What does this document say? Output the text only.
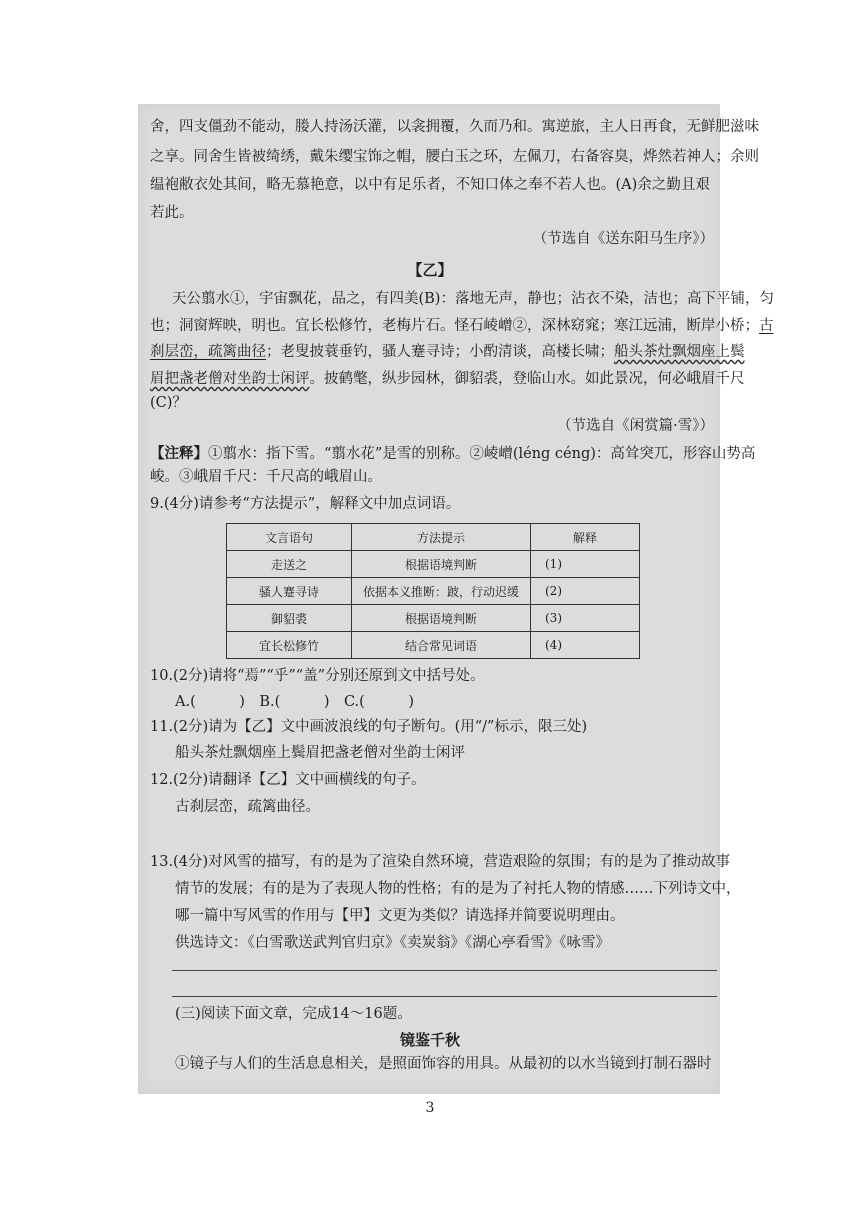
舍，四支僵劲不能动，媵人持汤沃灌，以衾拥覆，久而乃和。寓逆旅，主人日再食，无鲜肥滋味
之享。同舍生皆被绮绣，戴朱缨宝饰之帽，腰白玉之环，左佩刀，右备容臭，烨然若神人；余则
缊袍敝衣处其间，略无慕艳意，以中有足乐者，不知口体之奉不若人也。(A)余之勤且艰
若此。
（节选自《送东阳马生序》）
【乙】
天公翦水①，宇宙飘花，品之，有四美(B)：落地无声，静也；沾衣不染，洁也；高下平铺，匀
也；洞窗辉映，明也。宜长松修竹，老梅片石。怪石崚嶒②，深林窈窕；寒江远浦，断岸小桥；古
刹层峦，疏篱曲径；老叟披蓑垂钓，骚人蹇寻诗；小酌清谈，高楼长啸；船头茶灶飘烟座上鬓
眉把盏老僧对坐韵士闲评。披鹤氅，纵步园林，御貂裘，登临山水。如此景况，何必峨眉千尺
(C)？
（节选自《闲赏篇·雪》）
【注释】①翦水：指下雪。“翦水花”是雪的别称。②崚嶒(léng céng)：高耸突兀，形容山势高
峻。③峨眉千尺：千尺高的峨眉山。
9.(4分)请参考“方法提示”，解释文中加点词语。
文言语句	方法提示	解释
走送之	根据语境判断	(1)
骚人蹇寻诗	依据本义推断：跛，行动迟缓	(2)
御貂裘	根据语境判断	(3)
宜长松修竹	结合常见词语	(4)
10.(2分)请将“焉”“乎”“盖”分别还原到文中括号处。
A.(　　　)　B.(　　　)　C.(　　　)
11.(2分)请为【乙】文中画波浪线的句子断句。(用“/”标示，限三处)
船头茶灶飘烟座上鬓眉把盏老僧对坐韵士闲评
12.(2分)请翻译【乙】文中画横线的句子。
古刹层峦，疏篱曲径。
13.(4分)对风雪的描写，有的是为了渲染自然环境，营造艰险的氛围；有的是为了推动故事
情节的发展；有的是为了表现人物的性格；有的是为了衬托人物的情感……下列诗文中，
哪一篇中写风雪的作用与【甲】文更为类似？请选择并简要说明理由。
供选诗文：《白雪歌送武判官归京》《卖炭翁》《湖心亭看雪》《咏雪》
(三)阅读下面文章，完成14～16题。
镜鉴千秋
①镜子与人们的生活息息相关，是照面饰容的用具。从最初的以水当镜到打制石器时
3
